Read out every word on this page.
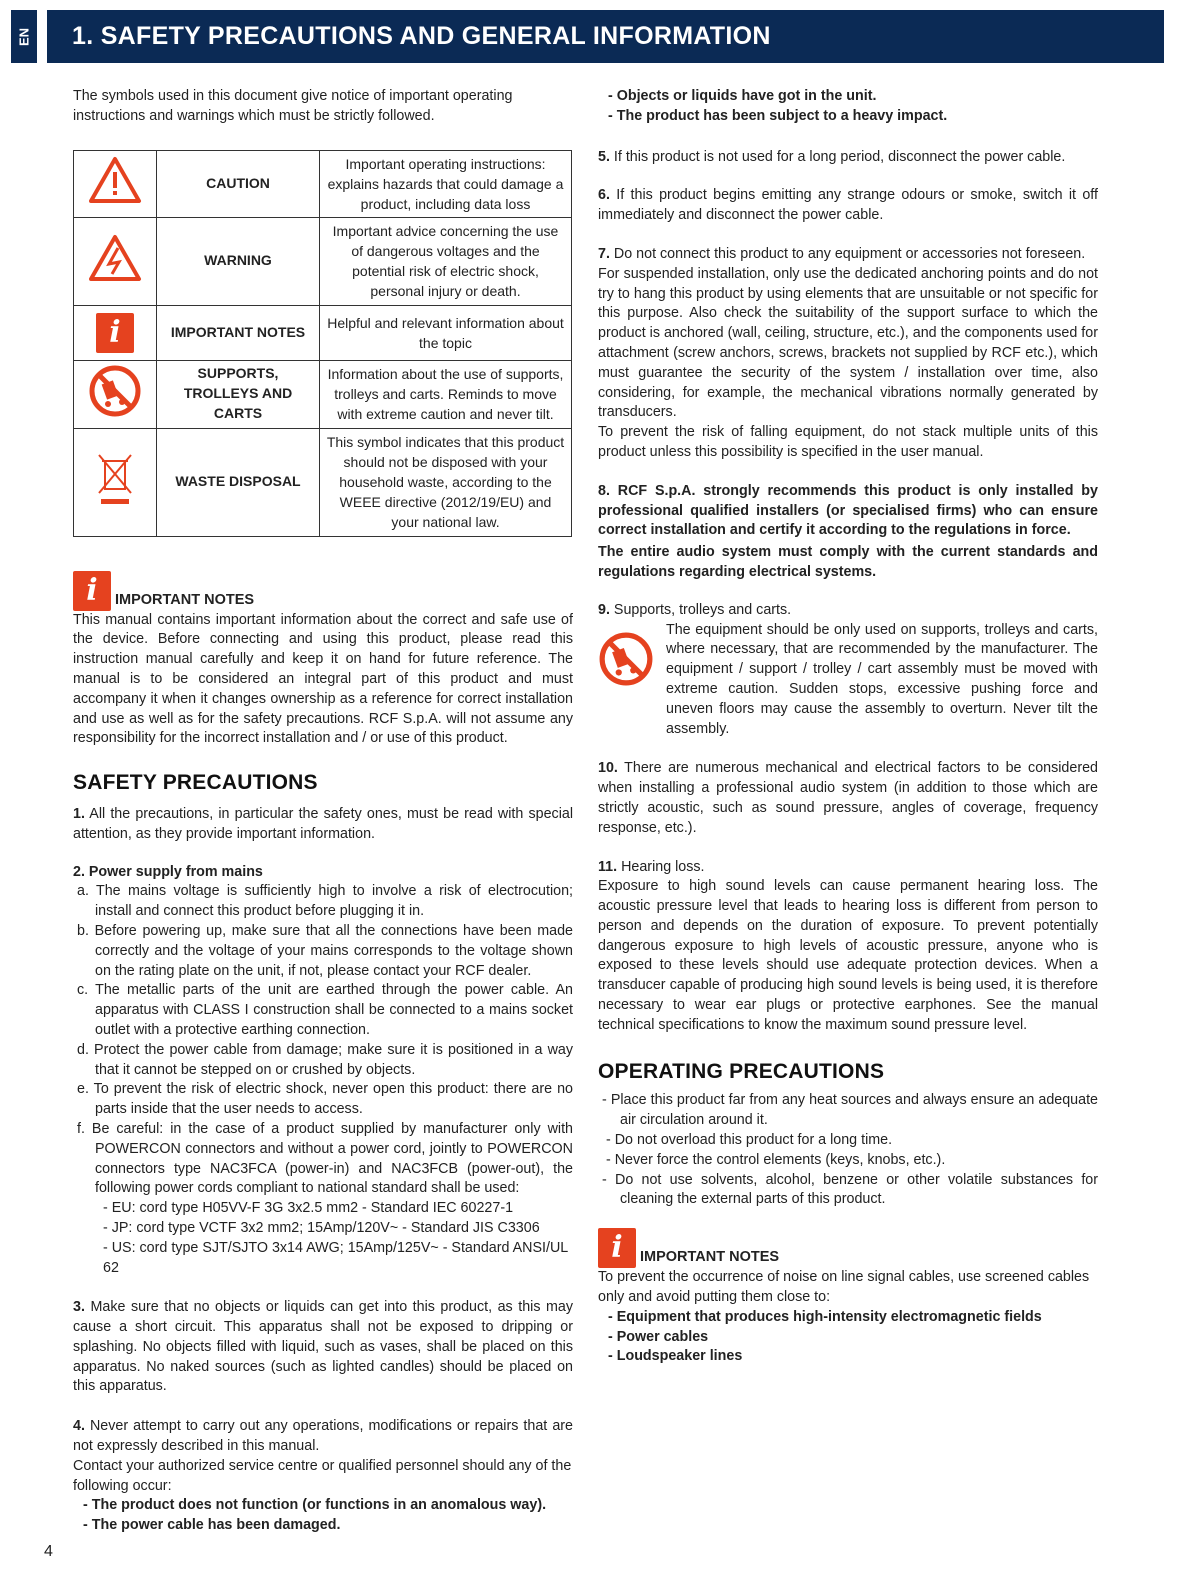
EN	1. SAFETY PRECAUTIONS AND GENERAL INFORMATION

The symbols used in this document give notice of important operating instructions and warnings which must be strictly followed.

	CAUTION	Important operating instructions: explains hazards that could damage a product, including data loss
	WARNING	Important advice concerning the use of dangerous voltages and the potential risk of electric shock, personal injury or death.
i	IMPORTANT NOTES	Helpful and relevant information about the topic
	SUPPORTS, TROLLEYS AND CARTS	Information about the use of supports, trolleys and carts. Reminds to move with extreme caution and never tilt.
	WASTE DISPOSAL	This symbol indicates that this product should not be disposed with your household waste, according to the WEEE directive (2012/19/EU) and your national law.
i	IMPORTANT NOTES

This manual contains important information about the correct and safe use of the device. Before connecting and using this product, please read this instruction manual carefully and keep it on hand for future reference. The manual is to be considered an integral part of this product and must accompany it when it changes ownership as a reference for correct installation and use as well as for the safety precautions. RCF S.p.A. will not assume any responsibility for the incorrect installation and / or use of this product.

SAFETY PRECAUTIONS

1. All the precautions, in particular the safety ones, must be read with special attention, as they provide important information.

2. Power supply from mains

a. The mains voltage is sufficiently high to involve a risk of electrocution; install and connect this product before plugging it in.

b. Before powering up, make sure that all the connections have been made correctly and the voltage of your mains corresponds to the voltage shown on the rating plate on the unit, if not, please contact your RCF dealer.

c. The metallic parts of the unit are earthed through the power cable. An apparatus with CLASS I construction shall be connected to a mains socket outlet with a protective earthing connection.

d. Protect the power cable from damage; make sure it is positioned in a way that it cannot be stepped on or crushed by objects.

e. To prevent the risk of electric shock, never open this product: there are no parts inside that the user needs to access.

f. Be careful: in the case of a product supplied by manufacturer only with POWERCON connectors and without a power cord, jointly to POWERCON connectors type NAC3FCA (power-in) and NAC3FCB (power-out), the following power cords compliant to national standard shall be used:

- EU: cord type H05VV-F 3G 3x2.5 mm2 - Standard IEC 60227-1

- JP: cord type VCTF 3x2 mm2; 15Amp/120V~ - Standard JIS C3306

- US: cord type SJT/SJTO 3x14 AWG; 15Amp/125V~ - Standard ANSI/UL 62

3. Make sure that no objects or liquids can get into this product, as this may cause a short circuit. This apparatus shall not be exposed to dripping or splashing. No objects filled with liquid, such as vases, shall be placed on this apparatus. No naked sources (such as lighted candles) should be placed on this apparatus.

4. Never attempt to carry out any operations, modifications or repairs that are not expressly described in this manual.

Contact your authorized service centre or qualified personnel should any of the following occur:

- The product does not function (or functions in an anomalous way).

- The power cable has been damaged.

- Objects or liquids have got in the unit.

- The product has been subject to a heavy impact.

5. If this product is not used for a long period, disconnect the power cable.

6. If this product begins emitting any strange odours or smoke, switch it off immediately and disconnect the power cable.

7. Do not connect this product to any equipment or accessories not foreseen.

For suspended installation, only use the dedicated anchoring points and do not try to hang this product by using elements that are unsuitable or not specific for this purpose. Also check the suitability of the support surface to which the product is anchored (wall, ceiling, structure, etc.), and the components used for attachment (screw anchors, screws, brackets not supplied by RCF etc.), which must guarantee the security of the system / installation over time, also considering, for example, the mechanical vibrations normally generated by transducers.

To prevent the risk of falling equipment, do not stack multiple units of this product unless this possibility is specified in the user manual.

8. RCF S.p.A. strongly recommends this product is only installed by professional qualified installers (or specialised firms) who can ensure correct installation and certify it according to the regulations in force.

The entire audio system must comply with the current standards and regulations regarding electrical systems.

9. Supports, trolleys and carts.

The equipment should be only used on supports, trolleys and carts, where necessary, that are recommended by the manufacturer. The equipment / support / trolley / cart assembly must be moved with extreme caution. Sudden stops, excessive pushing force and uneven floors may cause the assembly to overturn. Never tilt the assembly.

10. There are numerous mechanical and electrical factors to be considered when installing a professional audio system (in addition to those which are strictly acoustic, such as sound pressure, angles of coverage, frequency response, etc.).

11. Hearing loss.

Exposure to high sound levels can cause permanent hearing loss. The acoustic pressure level that leads to hearing loss is different from person to person and depends on the duration of exposure. To prevent potentially dangerous exposure to high levels of acoustic pressure, anyone who is exposed to these levels should use adequate protection devices. When a transducer capable of producing high sound levels is being used, it is therefore necessary to wear ear plugs or protective earphones. See the manual technical specifications to know the maximum sound pressure level.

OPERATING PRECAUTIONS

- Place this product far from any heat sources and always ensure an adequate air circulation around it.

- Do not overload this product for a long time.

- Never force the control elements (keys, knobs, etc.).

- Do not use solvents, alcohol, benzene or other volatile substances for cleaning the external parts of this product.

i	IMPORTANT NOTES

To prevent the occurrence of noise on line signal cables, use screened cables only and avoid putting them close to:

- Equipment that produces high-intensity electromagnetic fields

- Power cables

- Loudspeaker lines

4
